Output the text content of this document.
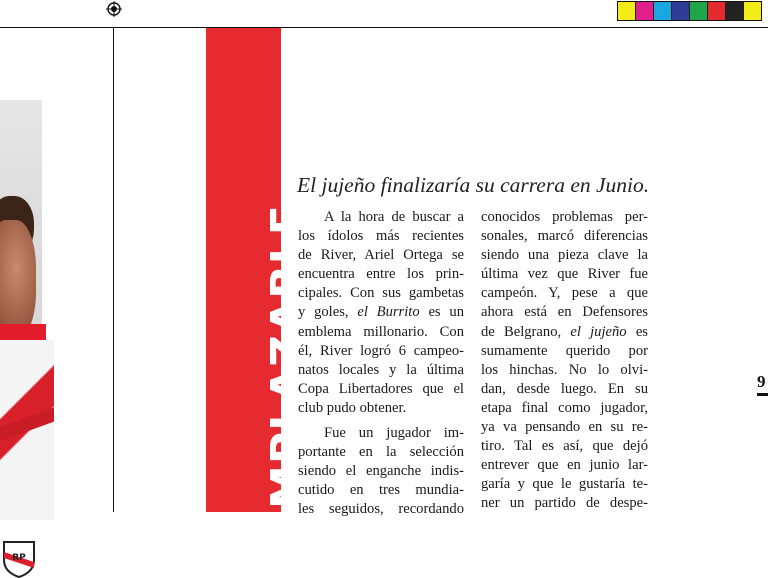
RP
EMPLAZABLE
El jujeño finalizaría su carrera en Junio.
A la hora de buscar a
los ídolos más recientes
de River, Ariel Ortega se
encuentra entre los prin-
cipales. Con sus gambetas
y goles, el Burrito es un
emblema millonario. Con
él, River logró 6 campeo-
natos locales y la última
Copa Libertadores que el
club pudo obtener.
Fue un jugador im-
portante en la selección
siendo el enganche indis-
cutido en tres mundia-
les seguidos, recordando
conocidos problemas per-
sonales, marcó diferencias
siendo una pieza clave la
última vez que River fue
campeón. Y, pese a que
ahora está en Defensores
de Belgrano, el jujeño es
sumamente querido por
los hinchas. No lo olvi-
dan, desde luego. En su
etapa final como jugador,
ya va pensando en su re-
tiro. Tal es así, que dejó
entrever que en junio lar-
garía y que le gustaría te-
ner un partido de despe-
9
